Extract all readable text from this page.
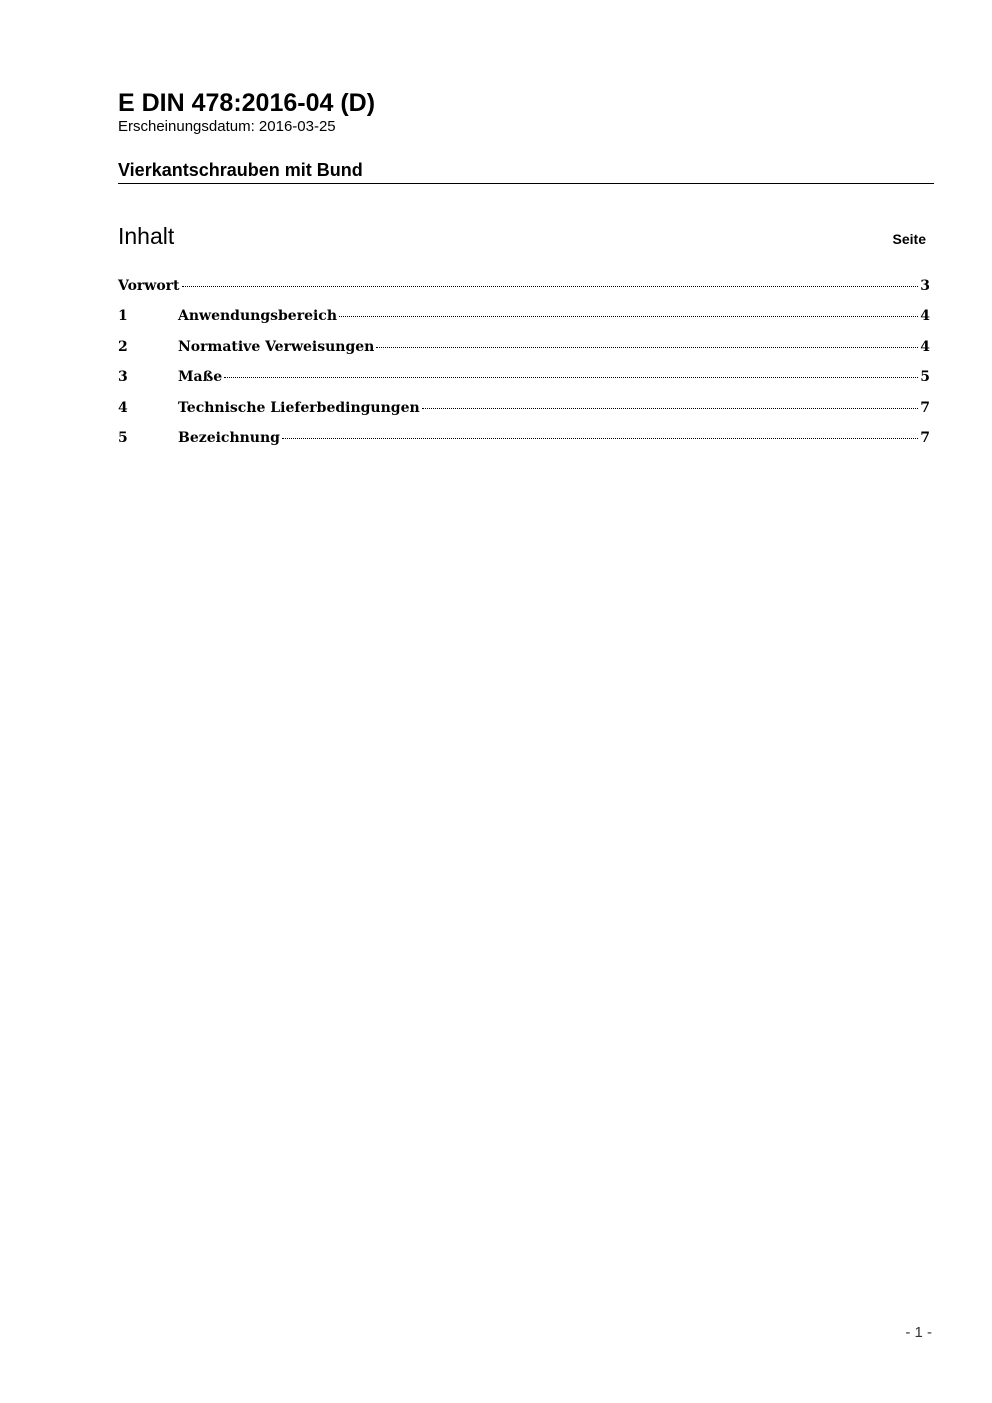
E DIN 478:2016-04 (D)

Erscheinungsdatum: 2016-03-25

Vierkantschrauben mit Bund
Inhalt	Seite
Vorwort	3
1	Anwendungsbereich	4
2	Normative Verweisungen	4
3	Maße	5
4	Technische Lieferbedingungen	7
5	Bezeichnung	7
- 1 -
